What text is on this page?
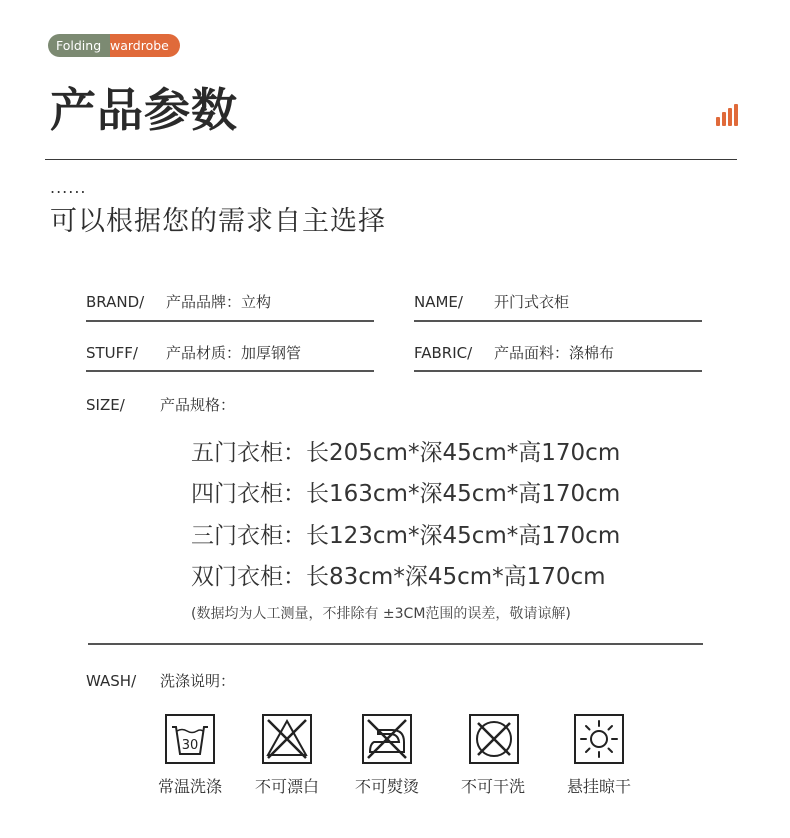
Folding wardrobe
产品参数
......
可以根据您的需求自主选择
BRAND/ 产品品牌：立构	NAME/ 开门式衣柜
STUFF/ 产品材质：加厚钢管	FABRIC/ 产品面料：涤棉布
SIZE/ 产品规格：
五门衣柜：长205cm*深45cm*高170cm
四门衣柜：长163cm*深45cm*高170cm
三门衣柜：长123cm*深45cm*高170cm
双门衣柜：长83cm*深45cm*高170cm
(数据均为人工测量，不排除有 ±3CM范围的误差，敬请谅解)
WASH/ 洗涤说明：
30
常温洗涤	不可漂白	不可熨烫	不可干洗	悬挂晾干
